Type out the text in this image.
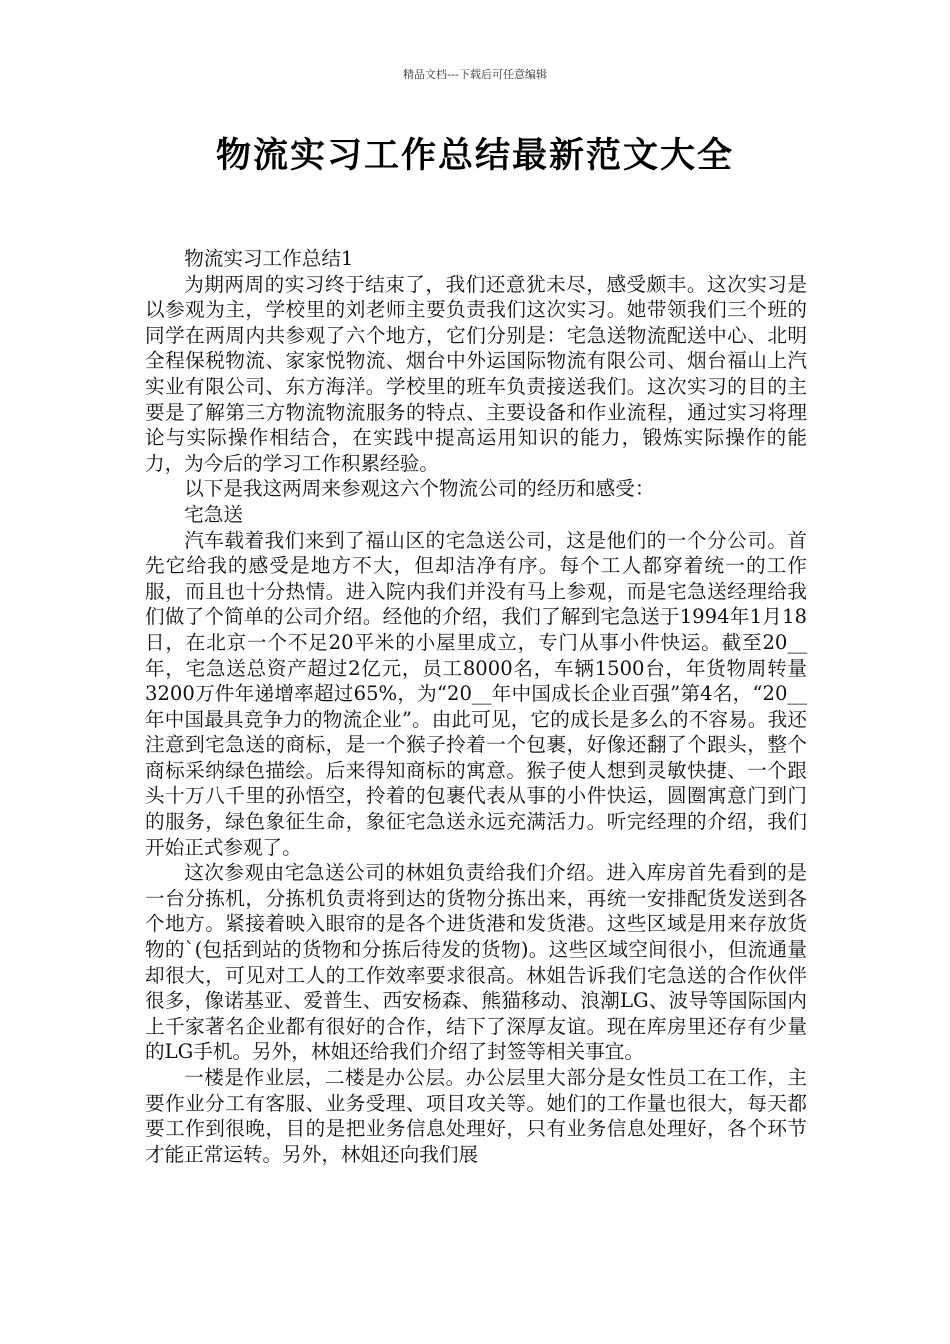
精品文档---下载后可任意编辑
物流实习工作总结最新范文大全

物流实习工作总结1

为期两周的实习终于结束了，我们还意犹未尽，感受颇丰。这次实习是以参观为主，学校里的刘老师主要负责我们这次实习。她带领我们三个班的同学在两周内共参观了六个地方，它们分别是：宅急送物流配送中心、北明全程保税物流、家家悦物流、烟台中外运国际物流有限公司、烟台福山上汽实业有限公司、东方海洋。学校里的班车负责接送我们。这次实习的目的主要是了解第三方物流物流服务的特点、主要设备和作业流程，通过实习将理论与实际操作相结合，在实践中提高运用知识的能力，锻炼实际操作的能力，为今后的学习工作积累经验。

以下是我这两周来参观这六个物流公司的经历和感受：

宅急送

汽车载着我们来到了福山区的宅急送公司，这是他们的一个分公司。首先它给我的感受是地方不大，但却洁净有序。每个工人都穿着统一的工作服，而且也十分热情。进入院内我们并没有马上参观，而是宅急送经理给我们做了个简单的公司介绍。经他的介绍，我们了解到宅急送于1994年1月18日，在北京一个不足20平米的小屋里成立，专门从事小件快运。截至20__年，宅急送总资产超过2亿元，员工8000名，车辆1500台，年货物周转量3200万件年递增率超过65%，为“20__年中国成长企业百强”第4名，“20__年中国最具竞争力的物流企业”。由此可见，它的成长是多么的不容易。我还注意到宅急送的商标，是一个猴子拎着一个包裹，好像还翻了个跟头，整个商标采纳绿色描绘。后来得知商标的寓意。猴子使人想到灵敏快捷、一个跟头十万八千里的孙悟空，拎着的包裹代表从事的小件快运，圆圈寓意门到门的服务，绿色象征生命，象征宅急送永远充满活力。听完经理的介绍，我们开始正式参观了。

这次参观由宅急送公司的林姐负责给我们介绍。进入库房首先看到的是一台分拣机，分拣机负责将到达的货物分拣出来，再统一安排配货发送到各个地方。紧接着映入眼帘的是各个进货港和发货港。这些区域是用来存放货物的`(包括到站的货物和分拣后待发的货物)。这些区域空间很小，但流通量却很大，可见对工人的工作效率要求很高。林姐告诉我们宅急送的合作伙伴很多，像诺基亚、爱普生、西安杨森、熊猫移动、浪潮LG、波导等国际国内上千家著名企业都有很好的合作，结下了深厚友谊。现在库房里还存有少量的LG手机。另外，林姐还给我们介绍了封签等相关事宜。

一楼是作业层，二楼是办公层。办公层里大部分是女性员工在工作，主要作业分工有客服、业务受理、项目攻关等。她们的工作量也很大，每天都要工作到很晚，目的是把业务信息处理好，只有业务信息处理好，各个环节才能正常运转。另外，林姐还向我们展
